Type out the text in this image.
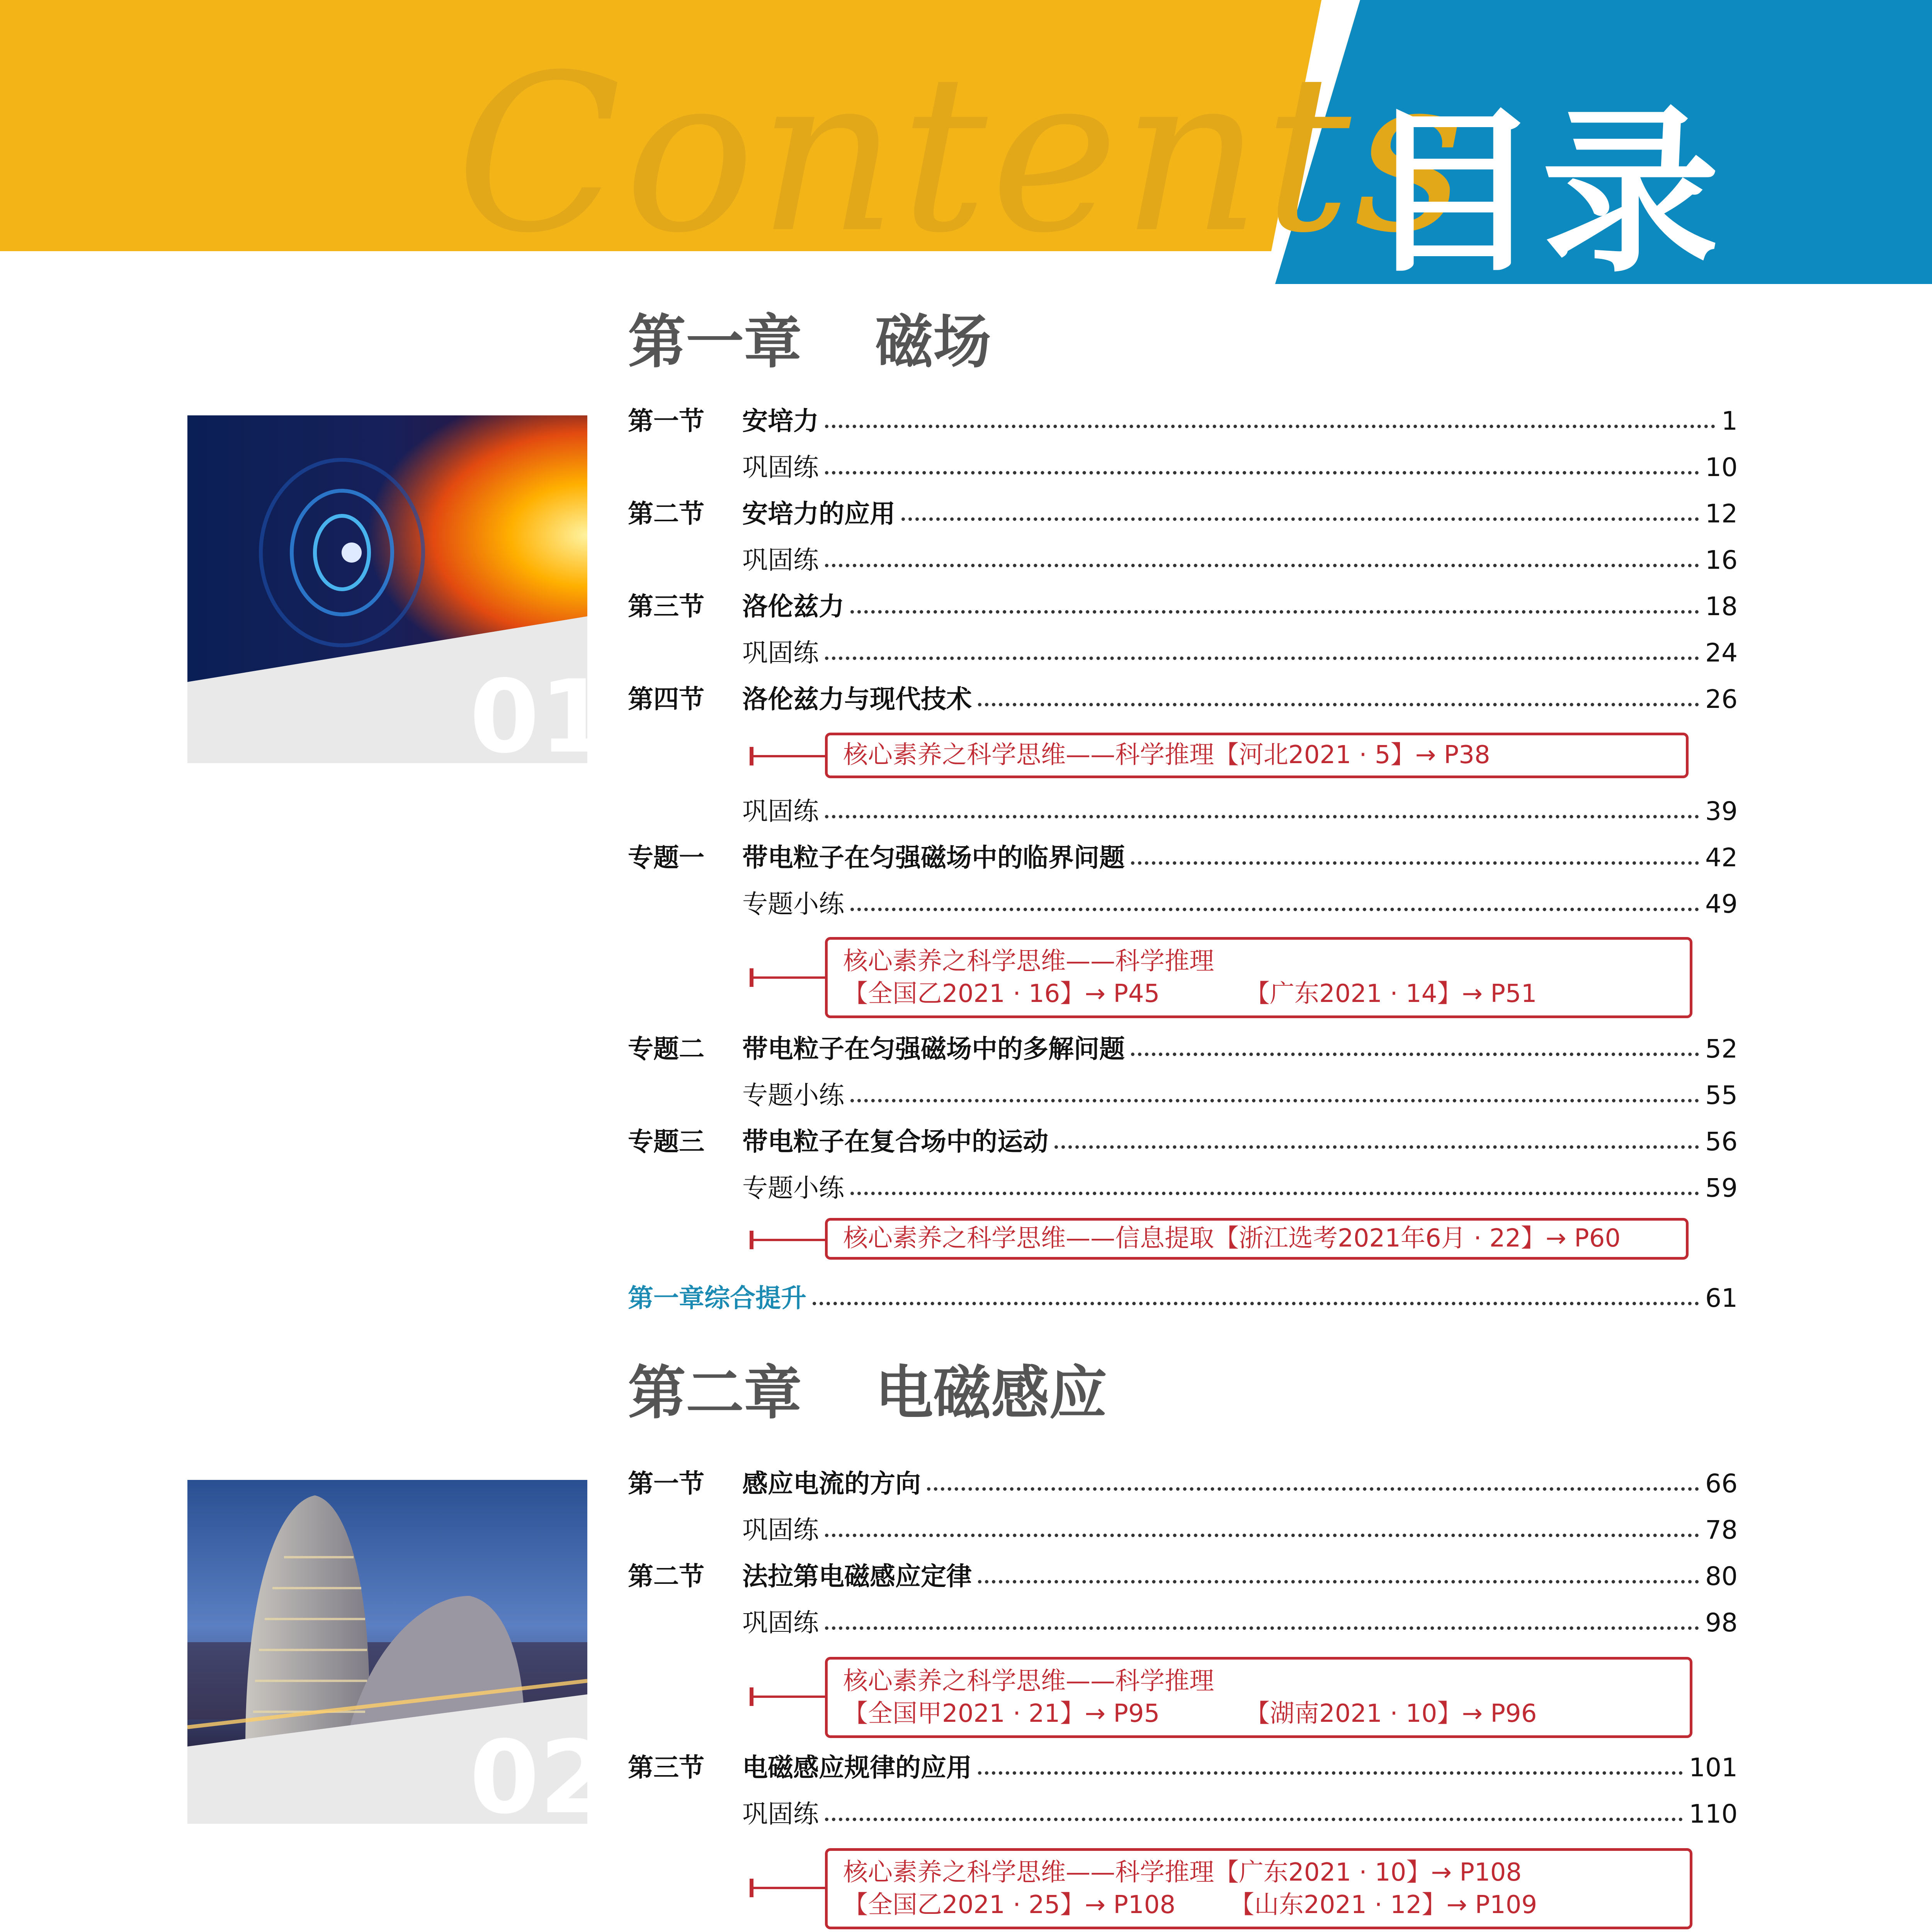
Contents
目录
第一章 磁场
01
第一节	安培力	1
巩固练	10
第二节	安培力的应用	12
巩固练	16
第三节	洛伦兹力	18
巩固练	24
第四节	洛伦兹力与现代技术	26
核心素养之科学思维——科学推理【河北2021 · 5】→ P38
巩固练	39
专题一	带电粒子在匀强磁场中的临界问题	42
专题小练	49
核心素养之科学思维——科学推理
【全国乙2021 · 16】→ P45	【广东2021 · 14】→ P51
专题二	带电粒子在匀强磁场中的多解问题	52
专题小练	55
专题三	带电粒子在复合场中的运动	56
专题小练	59
核心素养之科学思维——信息提取【浙江选考2021年6月 · 22】→ P60
第一章综合提升	61
第二章 电磁感应
02
第一节	感应电流的方向	66
巩固练	78
第二节	法拉第电磁感应定律	80
巩固练	98
核心素养之科学思维——科学推理
【全国甲2021 · 21】→ P95	【湖南2021 · 10】→ P96
第三节	电磁感应规律的应用	101
巩固练	110
核心素养之科学思维——科学推理【广东2021 · 10】→ P108
【全国乙2021 · 25】→ P108 【山东2021 · 12】→ P109
